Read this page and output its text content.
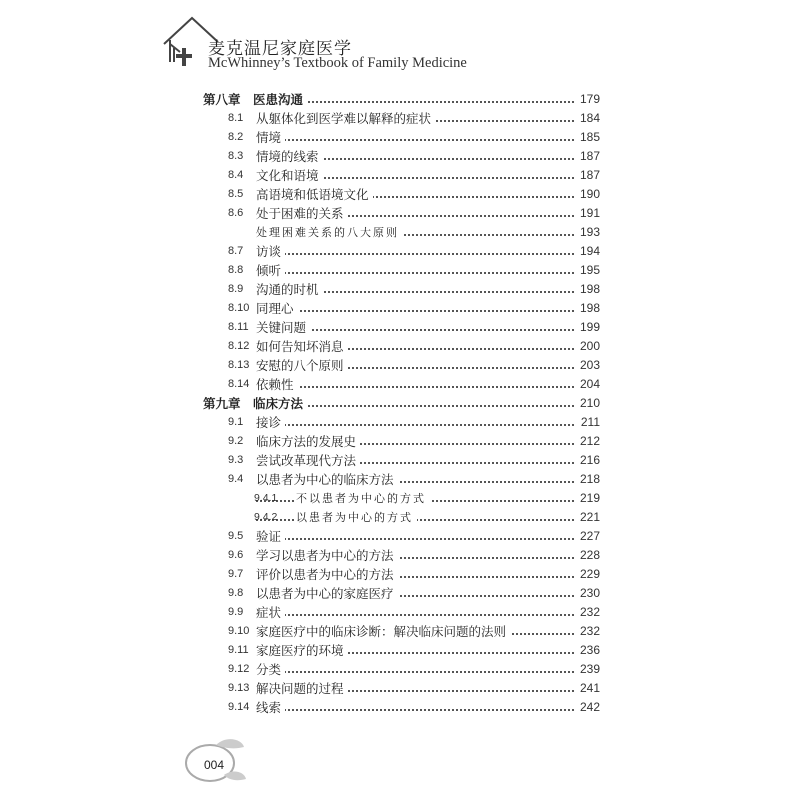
麦克温尼家庭医学
McWhinney’s Textbook of Family Medicine
第八章　医患沟通	179
8.1 从躯体化到医学难以解释的症状	184
8.2 情境	185
8.3 情境的线索	187
8.4 文化和语境	187
8.5 高语境和低语境文化	190
8.6 处于困难的关系	191
处理困难关系的八大原则	193
8.7 访谈	194
8.8 倾听	195
8.9 沟通的时机	198
8.10 同理心	198
8.11 关键问题	199
8.12 如何告知坏消息	200
8.13 安慰的八个原则	203
8.14 依赖性	204
第九章　临床方法	210
9.1 接诊	211
9.2 临床方法的发展史	212
9.3 尝试改革现代方法	216
9.4 以患者为中心的临床方法	218
9.4.1 不以患者为中心的方式	219
9.4.2 以患者为中心的方式	221
9.5 验证	227
9.6 学习以患者为中心的方法	228
9.7 评价以患者为中心的方法	229
9.8 以患者为中心的家庭医疗	230
9.9 症状	232
9.10 家庭医疗中的临床诊断：解决临床问题的法则	232
9.11 家庭医疗的环境	236
9.12 分类	239
9.13 解决问题的过程	241
9.14 线索	242
004
